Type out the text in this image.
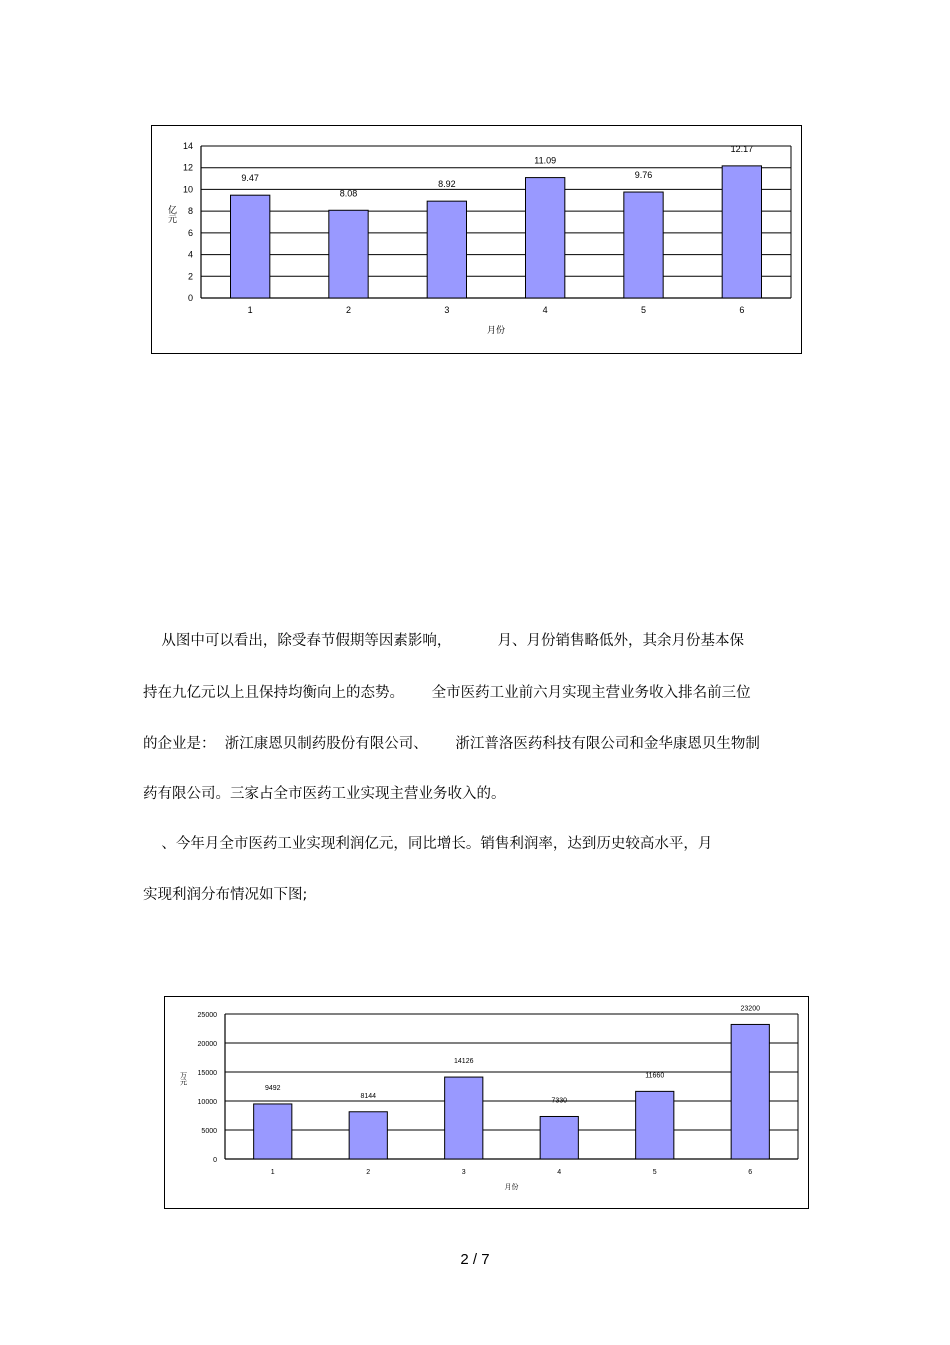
0
2
4
6
8
10
12
14
9.47
1
8.08
2
8.92
3
11.09
4
9.76
5
12.17
6
亿元
月份
从图中可以看出，除受春节假期等因素影响，          月、月份销售略低外，其余月份基本保
持在九亿元以上且保持均衡向上的态势。      全市医药工业前六月实现主营业务收入排名前三位
的企业是：  浙江康恩贝制药股份有限公司、      浙江普洛医药科技有限公司和金华康恩贝生物制
药有限公司。三家占全市医药工业实现主营业务收入的。
、今年月全市医药工业实现利润亿元，同比增长。销售利润率，达到历史较高水平，月
实现利润分布情况如下图;
0
5000
10000
15000
20000
25000
9492
1
8144
2
14126
3
7330
4
11660
5
23200
6
万元
月份
2 / 7
